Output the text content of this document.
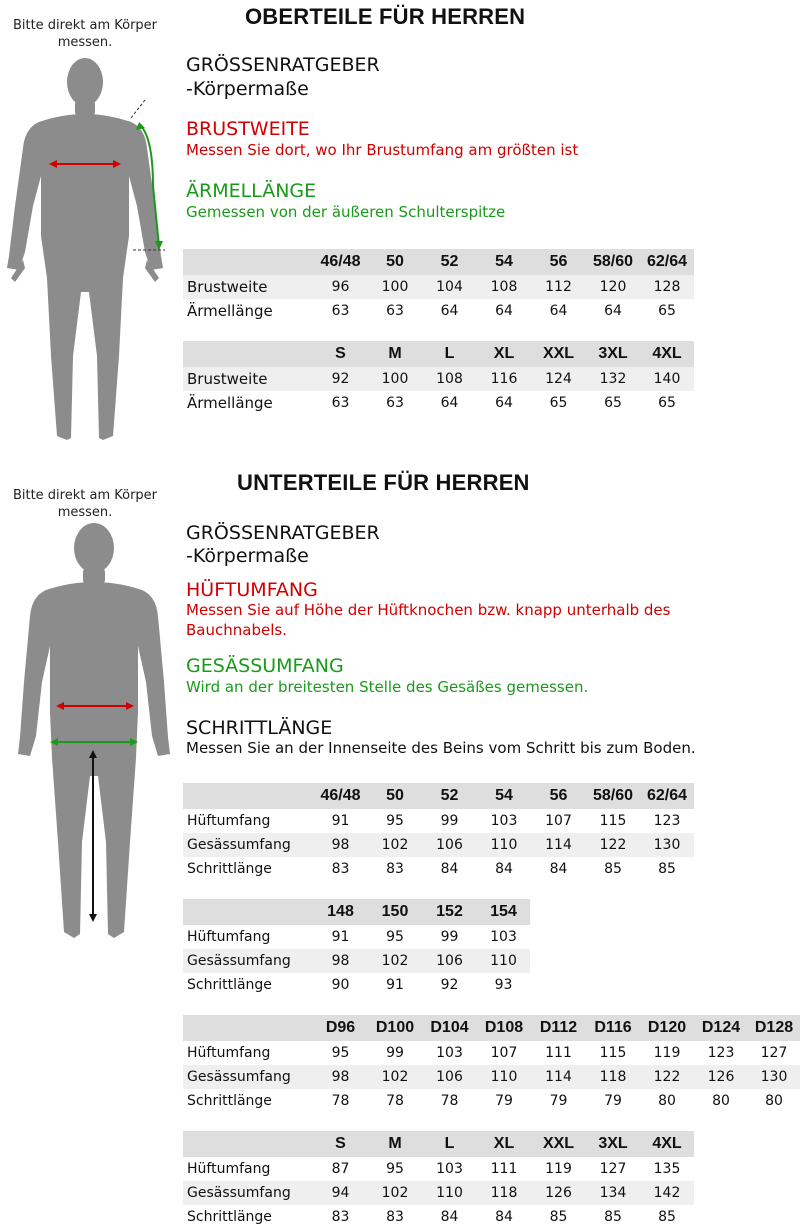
OBERTEILE FÜR HERREN
Bitte direkt am Körper messen.
GRÖSSENRATGEBER
-Körpermaße
BRUSTWEITE
Messen Sie dort, wo Ihr Brustumfang am größten ist
ÄRMELLÄNGE
Gemessen von der äußeren Schulterspitze
	46/48	50	52	54	56	58/60	62/64
Brustweite	96	100	104	108	112	120	128
Ärmellänge	63	63	64	64	64	64	65
	S	M	L	XL	XXL	3XL	4XL
Brustweite	92	100	108	116	124	132	140
Ärmellänge	63	63	64	64	65	65	65
UNTERTEILE FÜR HERREN
Bitte direkt am Körper messen.
GRÖSSENRATGEBER
-Körpermaße
HÜFTUMFANG
Messen Sie auf Höhe der Hüftknochen bzw. knapp unterhalb des Bauchnabels.
GESÄSSUMFANG
Wird an der breitesten Stelle des Gesäßes gemessen.
SCHRITTLÄNGE
Messen Sie an der Innenseite des Beins vom Schritt bis zum Boden.
	46/48	50	52	54	56	58/60	62/64
Hüftumfang	91	95	99	103	107	115	123
Gesässumfang	98	102	106	110	114	122	130
Schrittlänge	83	83	84	84	84	85	85
	148	150	152	154
Hüftumfang	91	95	99	103
Gesässumfang	98	102	106	110
Schrittlänge	90	91	92	93
	D96	D100	D104	D108	D112	D116	D120	D124	D128
Hüftumfang	95	99	103	107	111	115	119	123	127
Gesässumfang	98	102	106	110	114	118	122	126	130
Schrittlänge	78	78	78	79	79	79	80	80	80
	S	M	L	XL	XXL	3XL	4XL
Hüftumfang	87	95	103	111	119	127	135
Gesässumfang	94	102	110	118	126	134	142
Schrittlänge	83	83	84	84	85	85	85
